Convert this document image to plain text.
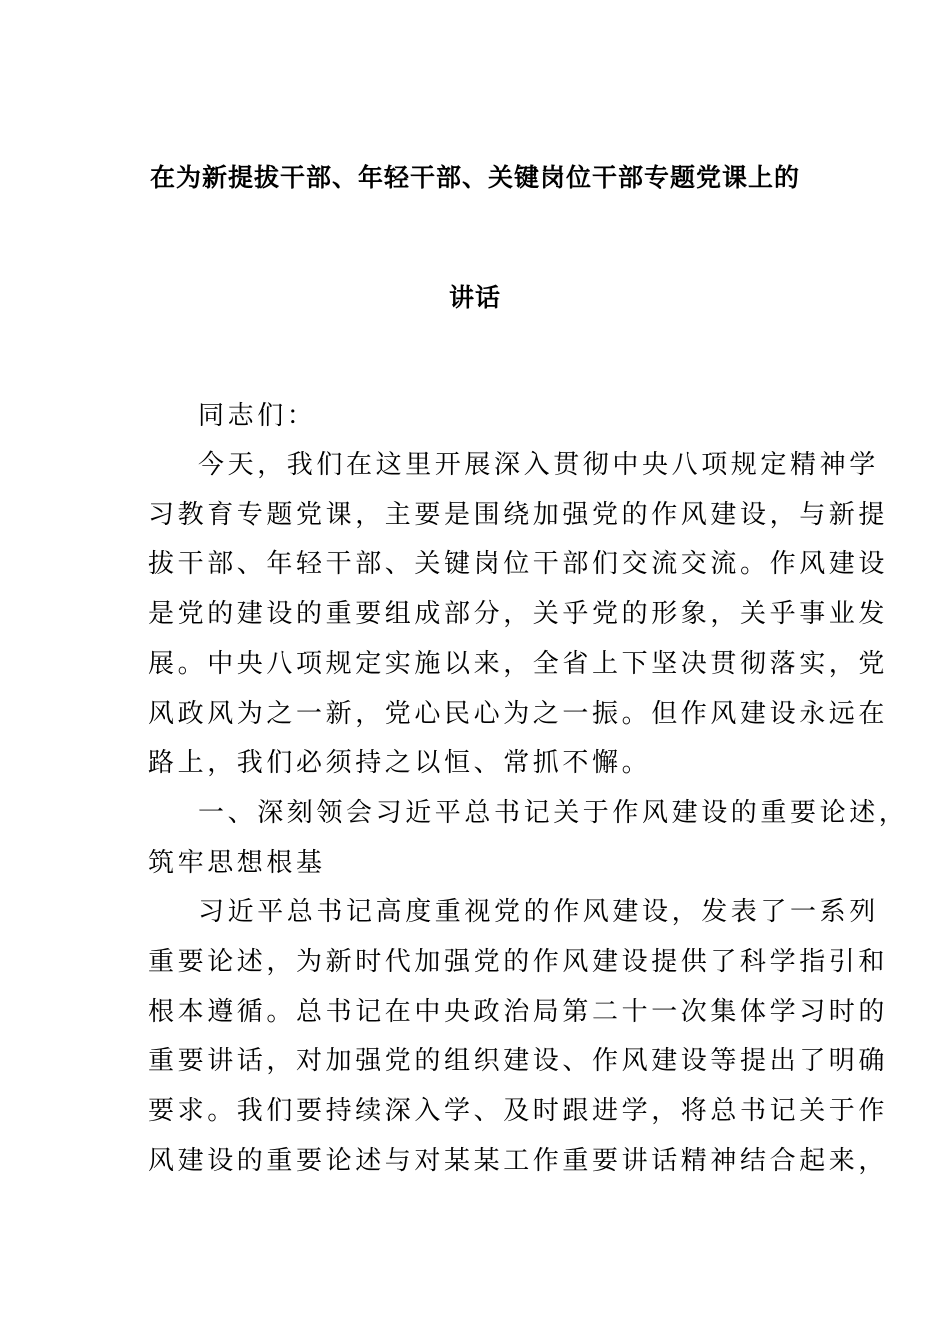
在为新提拔干部、年轻干部、关键岗位干部专题党课上的
讲话
同志们：
今天，我们在这里开展深入贯彻中央八项规定精神学
习教育专题党课，主要是围绕加强党的作风建设，与新提
拔干部、年轻干部、关键岗位干部们交流交流。作风建设
是党的建设的重要组成部分，关乎党的形象，关乎事业发
展。中央八项规定实施以来，全省上下坚决贯彻落实，党
风政风为之一新，党心民心为之一振。但作风建设永远在
路上，我们必须持之以恒、常抓不懈。
一、深刻领会习近平总书记关于作风建设的重要论述，
筑牢思想根基
习近平总书记高度重视党的作风建设，发表了一系列
重要论述，为新时代加强党的作风建设提供了科学指引和
根本遵循。总书记在中央政治局第二十一次集体学习时的
重要讲话，对加强党的组织建设、作风建设等提出了明确
要求。我们要持续深入学、及时跟进学，将总书记关于作
风建设的重要论述与对某某工作重要讲话精神结合起来，
